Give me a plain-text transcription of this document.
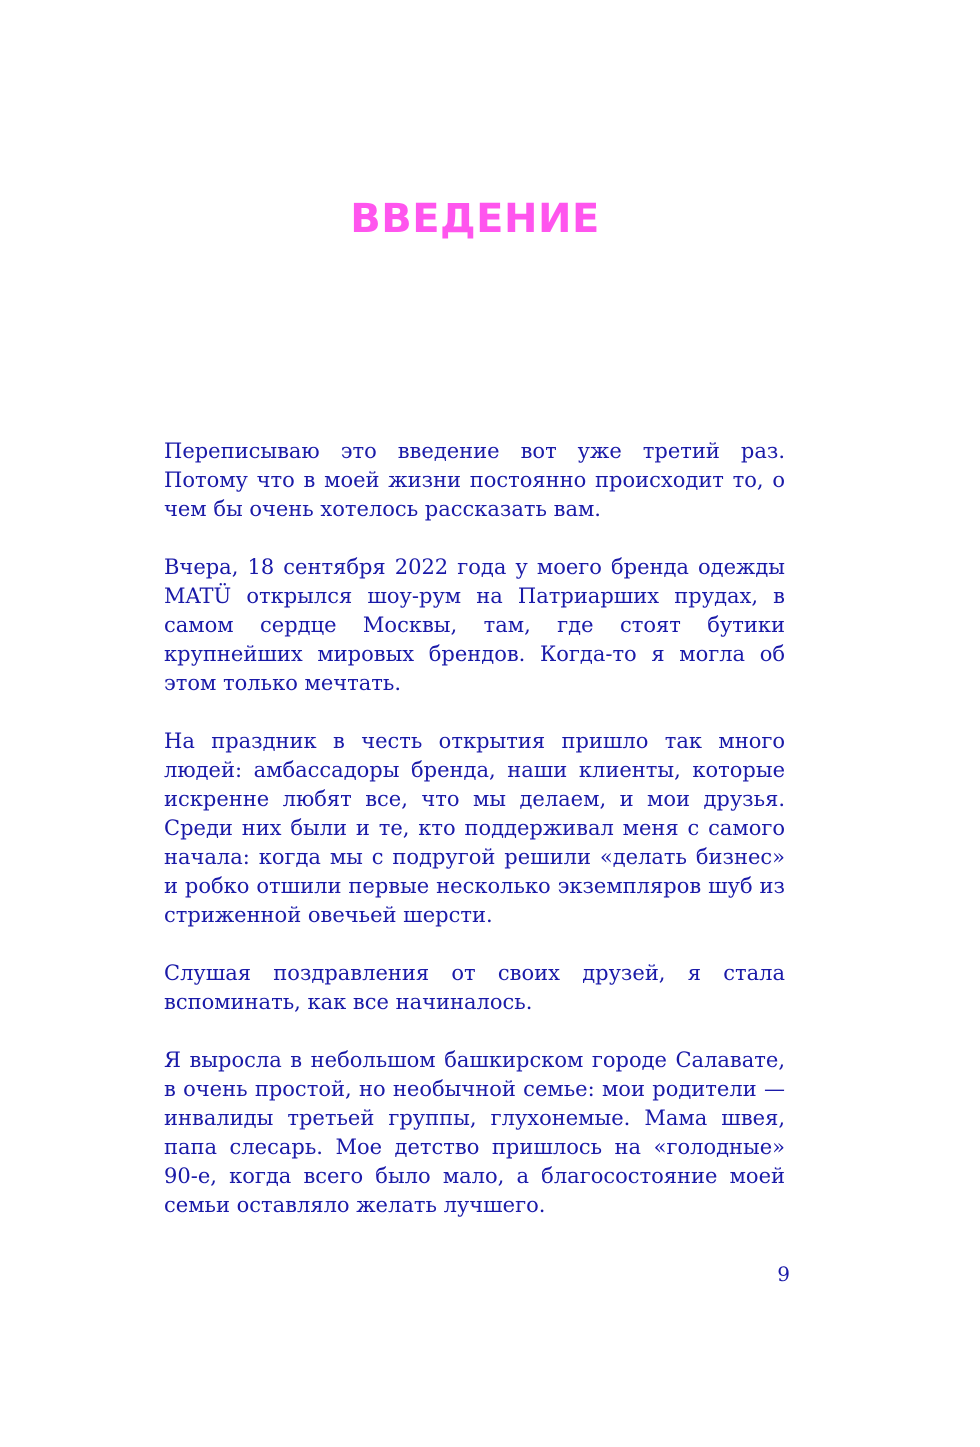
ВВЕДЕНИЕ

Переписываю это введение вот уже третий раз. Потому что в моей жизни постоянно происходит то, о чем бы очень хотелось рассказать вам.

Вчера, 18 сентября 2022 года у моего бренда одежды MATÜ открылся шоу-рум на Патриарших прудах, в самом сердце Москвы, там, где стоят бутики крупнейших мировых брендов. Когда-то я могла об этом только мечтать.

На праздник в честь открытия пришло так много людей: амбассадоры бренда, наши клиенты, которые искренне любят все, что мы делаем, и мои друзья. Среди них были и те, кто поддерживал меня с самого начала: когда мы с подругой решили «делать бизнес» и робко отшили первые несколько экземпляров шуб из стриженной овечьей шерсти.

Слушая поздравления от своих друзей, я стала вспоминать, как все начиналось.

Я выросла в небольшом башкирском городе Салавате, в очень простой, но необычной семье: мои родители — инвалиды третьей группы, глухонемые. Мама швея, папа слесарь. Мое детство пришлось на «голодные» 90-е, когда всего было мало, а благосостояние моей семьи оставляло желать лучшего.

9
